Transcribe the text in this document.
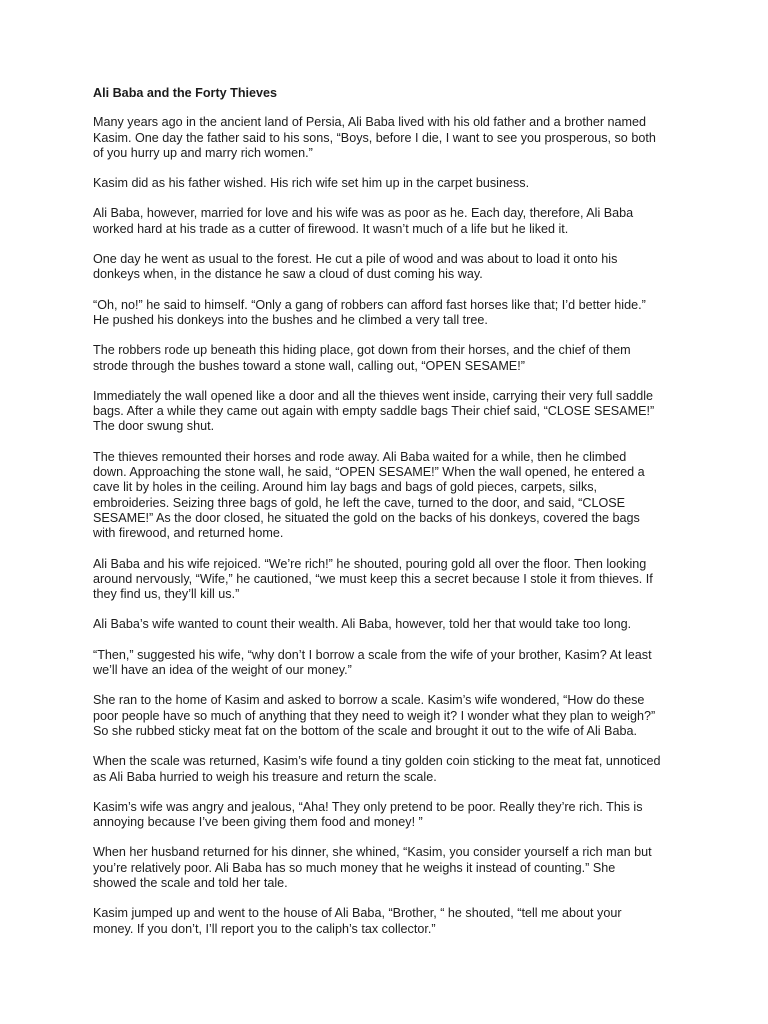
Ali Baba and the Forty Thieves
Many years ago in the ancient land of Persia, Ali Baba lived with his old father and a brother named
Kasim. One day the father said to his sons, “Boys, before I die, I want to see you prosperous, so both
of you hurry up and marry rich women.”
Kasim did as his father wished. His rich wife set him up in the carpet business.
Ali Baba, however, married for love and his wife was as poor as he. Each day, therefore, Ali Baba
worked hard at his trade as a cutter of firewood. It wasn’t much of a life but he liked it.
One day he went as usual to the forest. He cut a pile of wood and was about to load it onto his
donkeys when, in the distance he saw a cloud of dust coming his way.
“Oh, no!” he said to himself. “Only a gang of robbers can afford fast horses like that; I’d better hide.”
He pushed his donkeys into the bushes and he climbed a very tall tree.
The robbers rode up beneath this hiding place, got down from their horses, and the chief of them
strode through the bushes toward a stone wall, calling out, “OPEN SESAME!”
Immediately the wall opened like a door and all the thieves went inside, carrying their very full saddle
bags. After a while they came out again with empty saddle bags Their chief said, “CLOSE SESAME!”
The door swung shut.
The thieves remounted their horses and rode away. Ali Baba waited for a while, then he climbed
down. Approaching the stone wall, he said, “OPEN SESAME!” When the wall opened, he entered a
cave lit by holes in the ceiling. Around him lay bags and bags of gold pieces, carpets, silks,
embroideries. Seizing three bags of gold, he left the cave, turned to the door, and said, “CLOSE
SESAME!” As the door closed, he situated the gold on the backs of his donkeys, covered the bags
with firewood, and returned home.
Ali Baba and his wife rejoiced. “We’re rich!” he shouted, pouring gold all over the floor. Then looking
around nervously, “Wife,” he cautioned, “we must keep this a secret because I stole it from thieves. If
they find us, they’ll kill us.”
Ali Baba’s wife wanted to count their wealth. Ali Baba, however, told her that would take too long.
“Then,” suggested his wife, “why don’t I borrow a scale from the wife of your brother, Kasim? At least
we’ll have an idea of the weight of our money.”
She ran to the home of Kasim and asked to borrow a scale. Kasim’s wife wondered, “How do these
poor people have so much of anything that they need to weigh it? I wonder what they plan to weigh?”
So she rubbed sticky meat fat on the bottom of the scale and brought it out to the wife of Ali Baba.
When the scale was returned, Kasim’s wife found a tiny golden coin sticking to the meat fat, unnoticed
as Ali Baba hurried to weigh his treasure and return the scale.
Kasim’s wife was angry and jealous, “Aha! They only pretend to be poor. Really they’re rich. This is
annoying because I’ve been giving them food and money! ”
When her husband returned for his dinner, she whined, “Kasim, you consider yourself a rich man but
you’re relatively poor. Ali Baba has so much money that he weighs it instead of counting.” She
showed the scale and told her tale.
Kasim jumped up and went to the house of Ali Baba, “Brother, “ he shouted, “tell me about your
money. If you don’t, I’ll report you to the caliph’s tax collector.”
